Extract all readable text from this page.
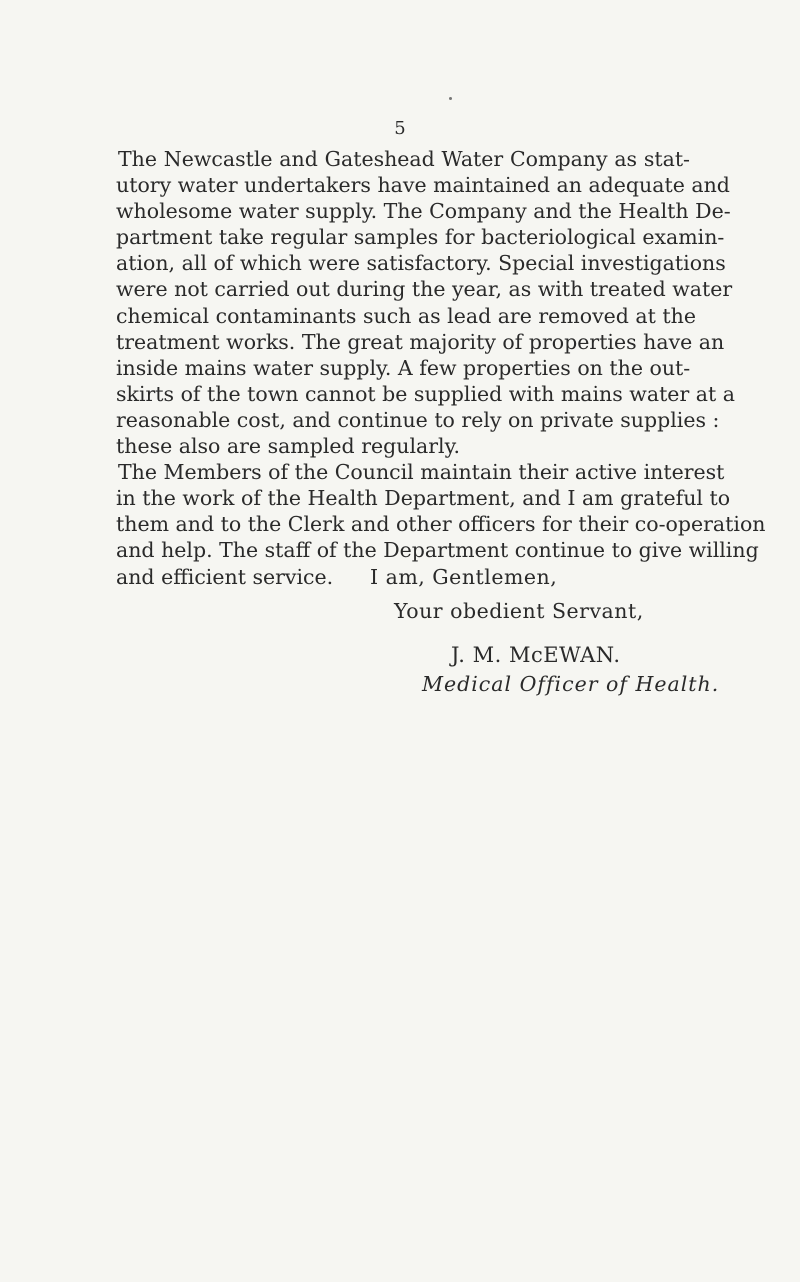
5
The Newcastle and Gateshead Water Company as stat-
utory water undertakers have maintained an adequate and
wholesome water supply. The Company and the Health De-
partment take regular samples for bacteriological examin-
ation, all of which were satisfactory. Special investigations
were not carried out during the year, as with treated water
chemical contaminants such as lead are removed at the
treatment works. The great majority of properties have an
inside mains water supply. A few properties on the out-
skirts of the town cannot be supplied with mains water at a
reasonable cost, and continue to rely on private supplies :
these also are sampled regularly.
The Members of the Council maintain their active interest
in the work of the Health Department, and I am grateful to
them and to the Clerk and other officers for their co-operation
and help. The staff of the Department continue to give willing
and efficient service.	I am, Gentlemen,
Your obedient Servant,
J. M. McEWAN.
Medical Officer of Health.
